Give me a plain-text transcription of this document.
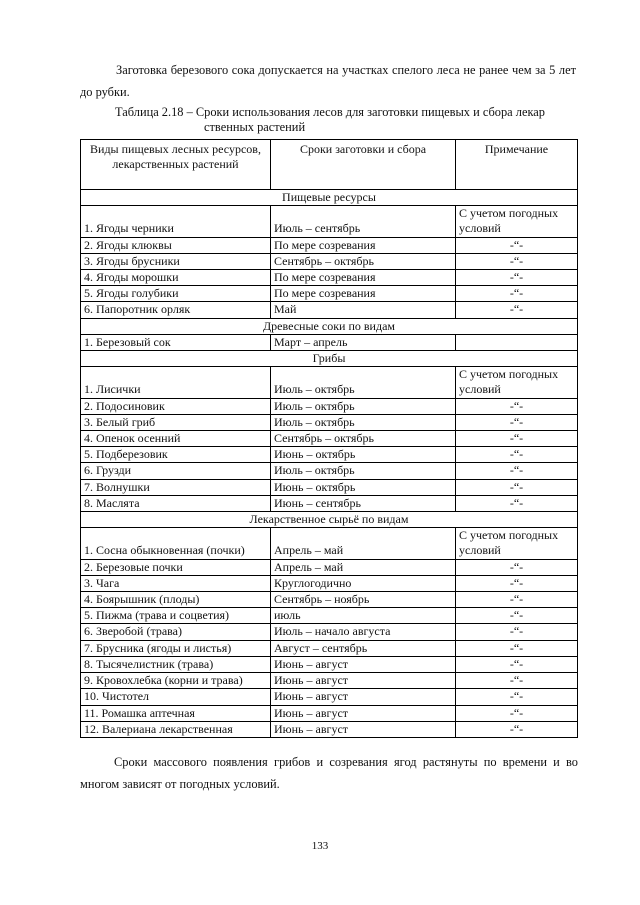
Заготовка березового сока допускается на участках спелого леса не ранее чем за 5 лет до рубки.
Таблица 2.18 – Сроки использования лесов для заготовки пищевых и сбора лекар
ственных растений
Виды пищевых лесных ресурсов, лекарственных растений	Сроки заготовки и сбора	Примечание
Пищевые ресурсы		
1. Ягоды черники	Июль – сентябрь	С учетом погодных условий
2. Ягоды клюквы	По мере созревания	-“-
3. Ягоды брусники	Сентябрь – октябрь	-“-
4. Ягоды морошки	По мере созревания	-“-
5. Ягоды голубики	По мере созревания	-“-
6. Папоротник орляк	Май	-“-
Древесные соки по видам		
1. Березовый сок	Март – апрель	
Грибы		
1. Лисички	Июль – октябрь	С учетом погодных условий
2. Подосиновик	Июль – октябрь	-“-
3. Белый гриб	Июль – октябрь	-“-
4. Опенок осенний	Сентябрь – октябрь	-“-
5. Подберезовик	Июнь – октябрь	-“-
6. Грузди	Июль – октябрь	-“-
7. Волнушки	Июнь – октябрь	-“-
8. Маслята	Июнь – сентябрь	-“-
Лекарственное сырьё по видам		
1. Сосна обыкновенная (почки)	Апрель – май	С учетом погодных условий
2. Березовые почки	Апрель – май	-“-
3. Чага	Круглогодично	-“-
4. Боярышник (плоды)	Сентябрь – ноябрь	-“-
5. Пижма (трава и соцветия)	июль	-“-
6. Зверобой (трава)	Июль – начало августа	-“-
7. Брусника (ягоды и листья)	Август – сентябрь	-“-
8. Тысячелистник (трава)	Июнь – август	-“-
9. Кровохлебка (корни и трава)	Июнь – август	-“-
10. Чистотел	Июнь – август	-“-
11. Ромашка аптечная	Июнь – август	-“-
12. Валериана лекарственная	Июнь – август	-“-
Сроки массового появления грибов и созревания ягод растянуты по времени и во многом зависят от погодных условий.
133
